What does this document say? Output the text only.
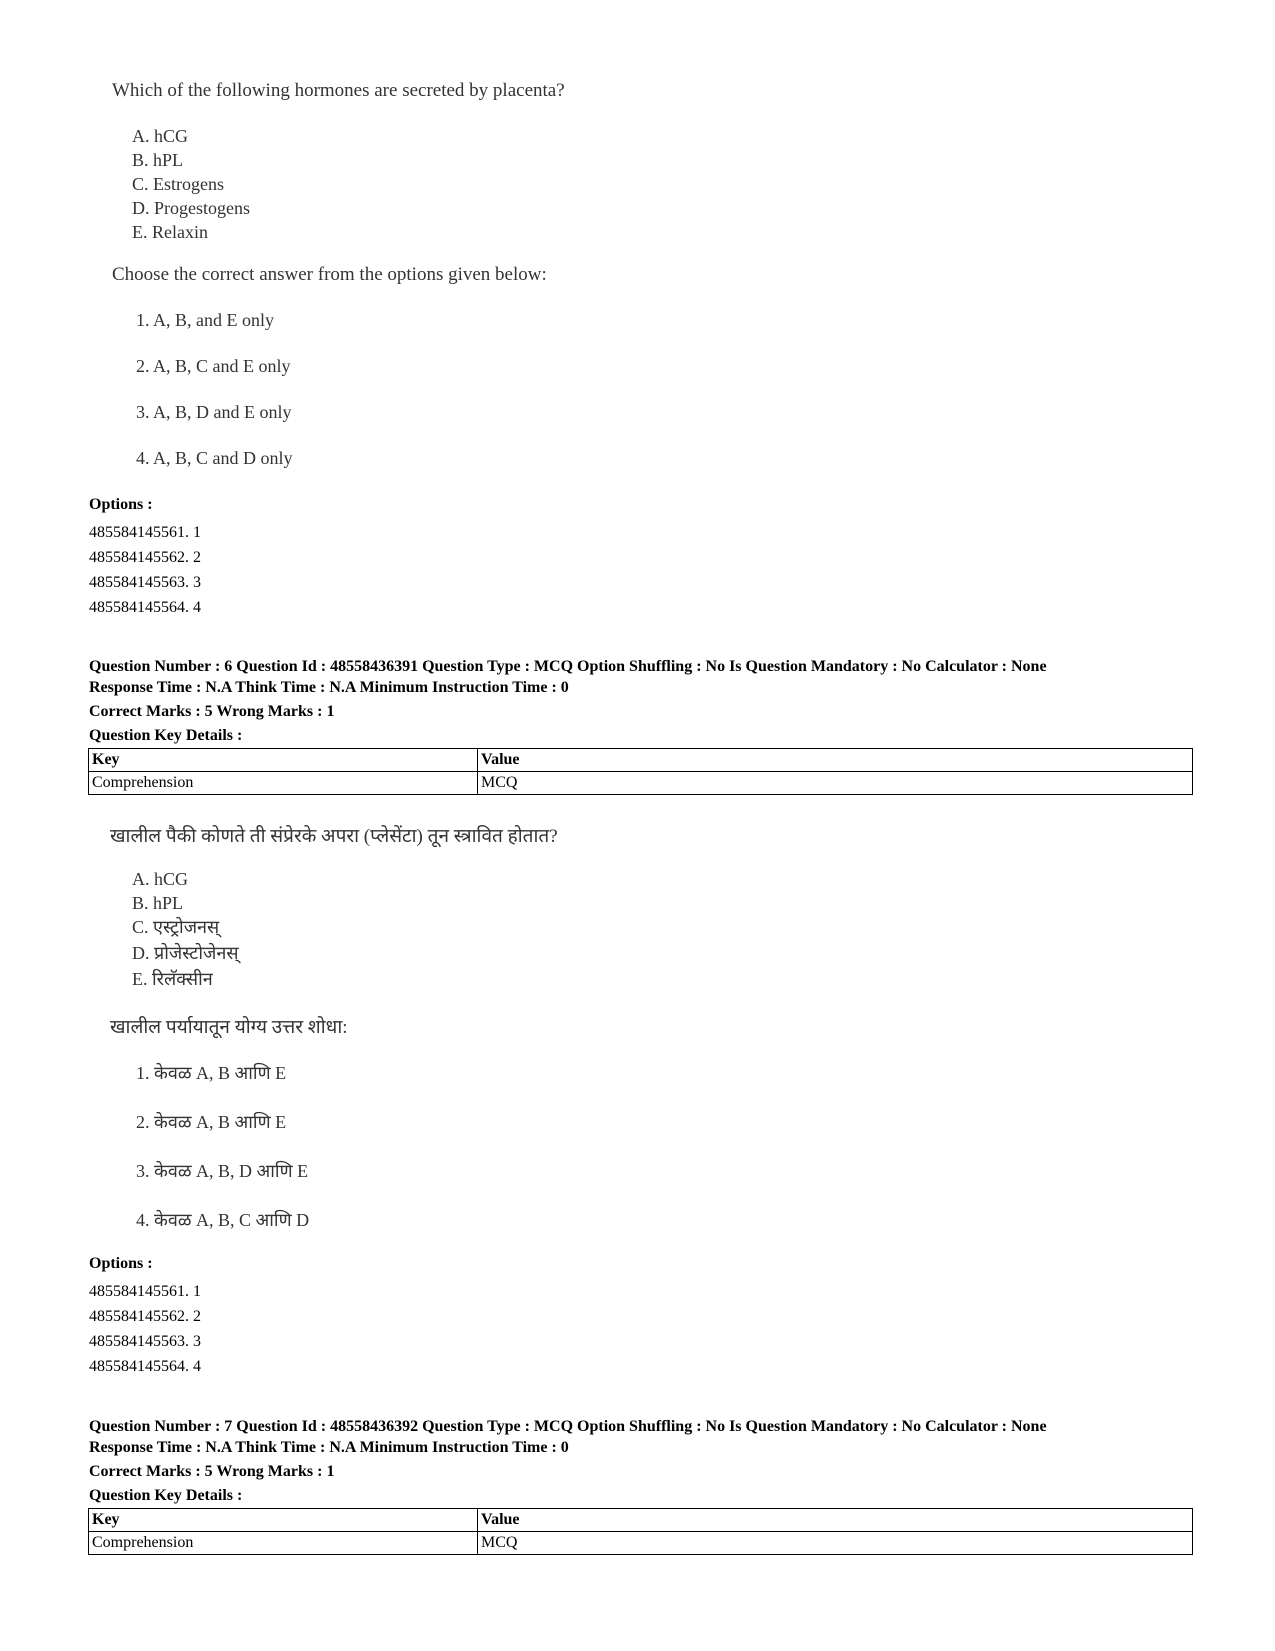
Which of the following hormones are secreted by placenta?
A. hCG
B. hPL
C. Estrogens
D. Progestogens
E. Relaxin
Choose the correct answer from the options given below:
1. A, B, and E only
2. A, B, C and E only
3. A, B, D and E only
4. A, B, C and D only
Options :
485584145561. 1
485584145562. 2
485584145563. 3
485584145564. 4
Question Number : 6 Question Id : 48558436391 Question Type : MCQ Option Shuffling : No Is Question Mandatory : No Calculator : None
Response Time : N.A Think Time : N.A Minimum Instruction Time : 0
Correct Marks : 5 Wrong Marks : 1
Question Key Details :
Key	Value
Comprehension	MCQ
खालील पैकी कोणते ती संप्रेरके अपरा (प्लेसेंटा) तून स्त्रावित होतात?
A. hCG
B. hPL
C. एस्ट्रोजनस्
D. प्रोजेस्टोजेनस्
E. रिलॅक्सीन
खालील पर्यायातून योग्य उत्तर शोधा:
1. केवळ A, B आणि E
2. केवळ A, B आणि E
3. केवळ A, B, D आणि E
4. केवळ A, B, C आणि D
Options :
485584145561. 1
485584145562. 2
485584145563. 3
485584145564. 4
Question Number : 7 Question Id : 48558436392 Question Type : MCQ Option Shuffling : No Is Question Mandatory : No Calculator : None
Response Time : N.A Think Time : N.A Minimum Instruction Time : 0
Correct Marks : 5 Wrong Marks : 1
Question Key Details :
Key	Value
Comprehension	MCQ
